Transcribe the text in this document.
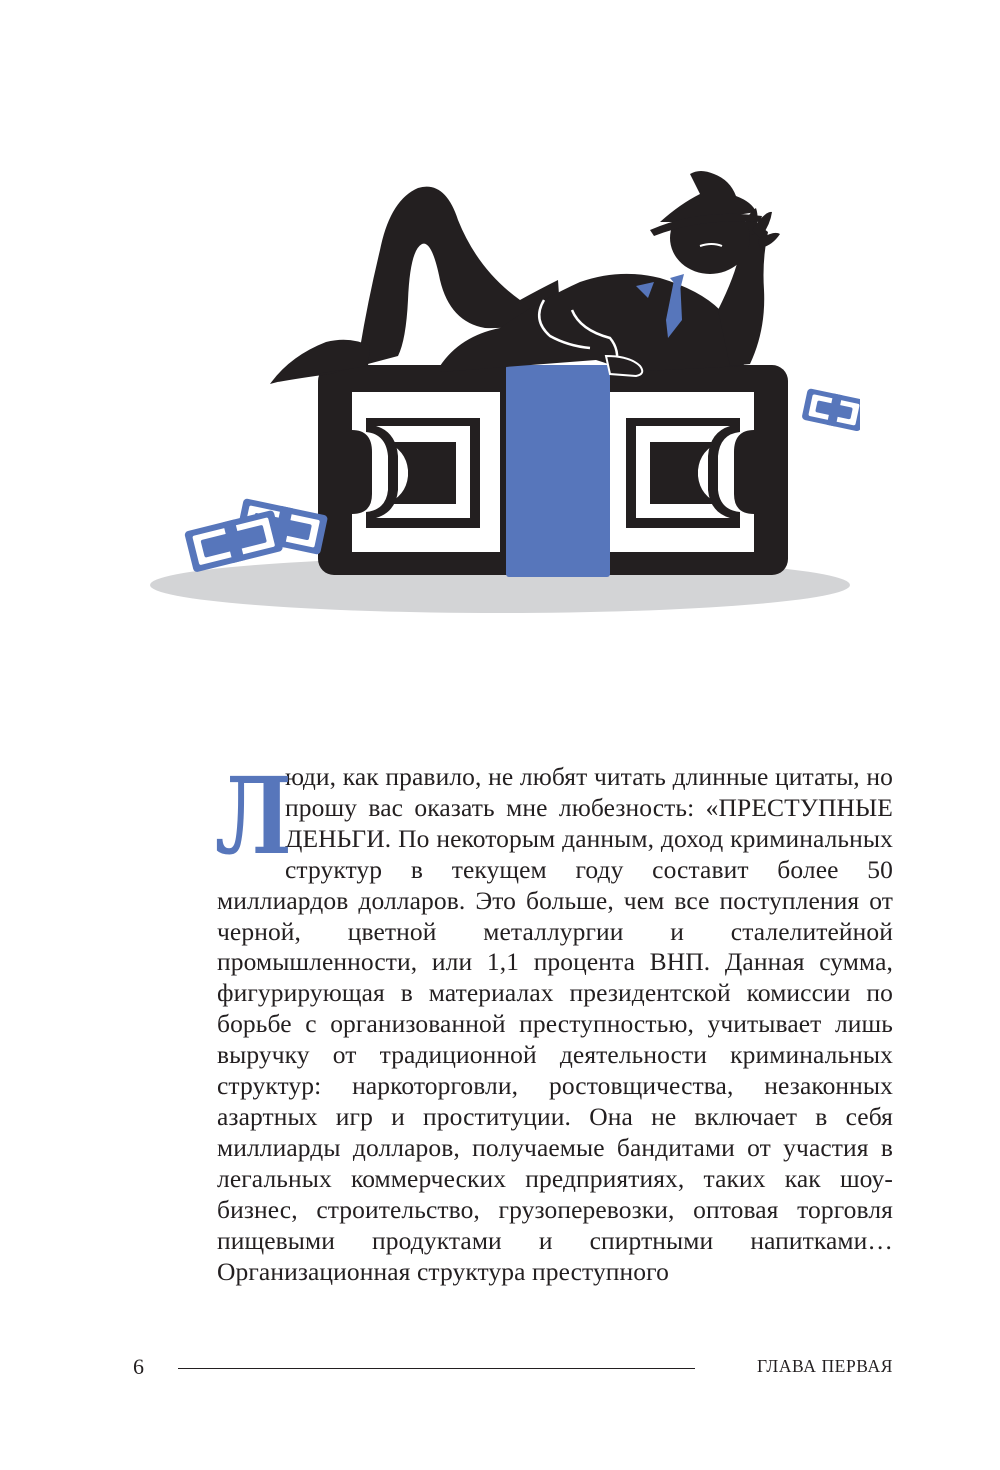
Л

юди, как правило, не любят читать длинные цитаты, но прошу вас оказать мне любезность: «ПРЕСТУПНЫЕ ДЕНЬГИ. По некоторым данным, доход криминальных структур в текущем году составит более 50 миллиардов долларов. Это больше, чем все поступления от черной, цветной металлургии и сталелитейной промышленности, или 1,1 процента ВНП. Данная сумма, фигурирующая в материалах президентской комиссии по борьбе с организованной преступностью, учитывает лишь выручку от традиционной деятельности криминальных структур: наркоторговли, ростовщичества, незаконных азартных игр и проституции. Она не включает в себя миллиарды долларов, получаемые бандитами от участия в легальных коммерческих предприятиях, таких как шоу-бизнес, строительство, грузоперевозки, оптовая торговля пищевыми продуктами и спиртными напитками… Организационная структура преступного

6	ГЛАВА ПЕРВАЯ
